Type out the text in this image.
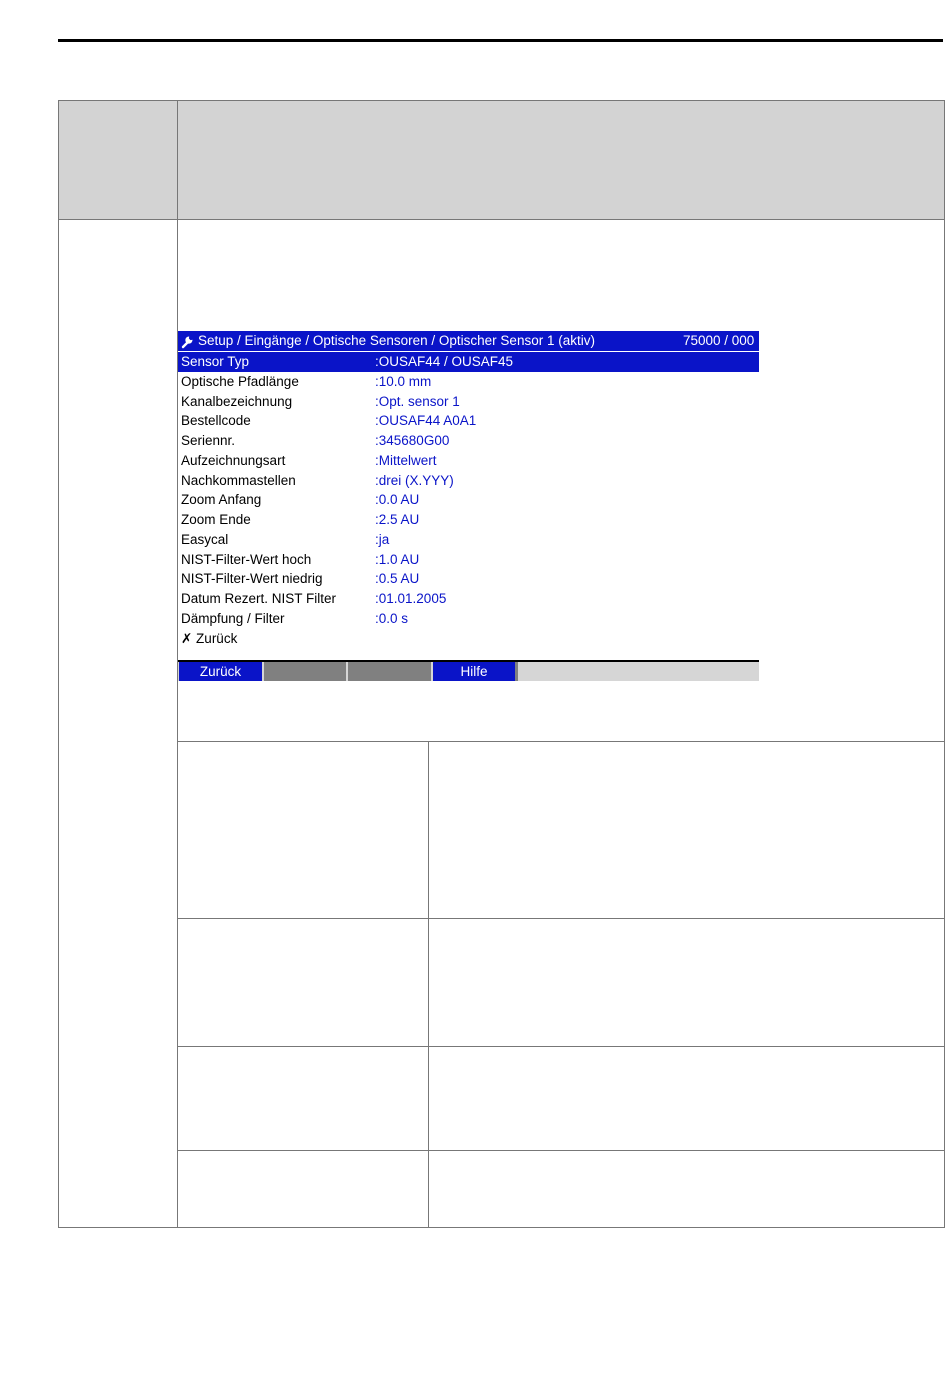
Setup / Eingänge / Optische Sensoren / Optischer Sensor 1 (aktiv)	75000 / 000
Sensor Typ	:OUSAF44 / OUSAF45
Optische Pfadlänge	:10.0 mm
Kanalbezeichnung	:Opt. sensor 1
Bestellcode	:OUSAF44 A0A1
Seriennr.	:345680G00
Aufzeichnungsart	:Mittelwert
Nachkommastellen	:drei (X.YYY)
Zoom Anfang	:0.0 AU
Zoom Ende	:2.5 AU
Easycal	:ja
NIST-Filter-Wert hoch	:1.0 AU
NIST-Filter-Wert niedrig	:0.5 AU
Datum Rezert. NIST Filter	:01.01.2005
Dämpfung / Filter	:0.0 s
✗ Zurück
Zurück	Hilfe
